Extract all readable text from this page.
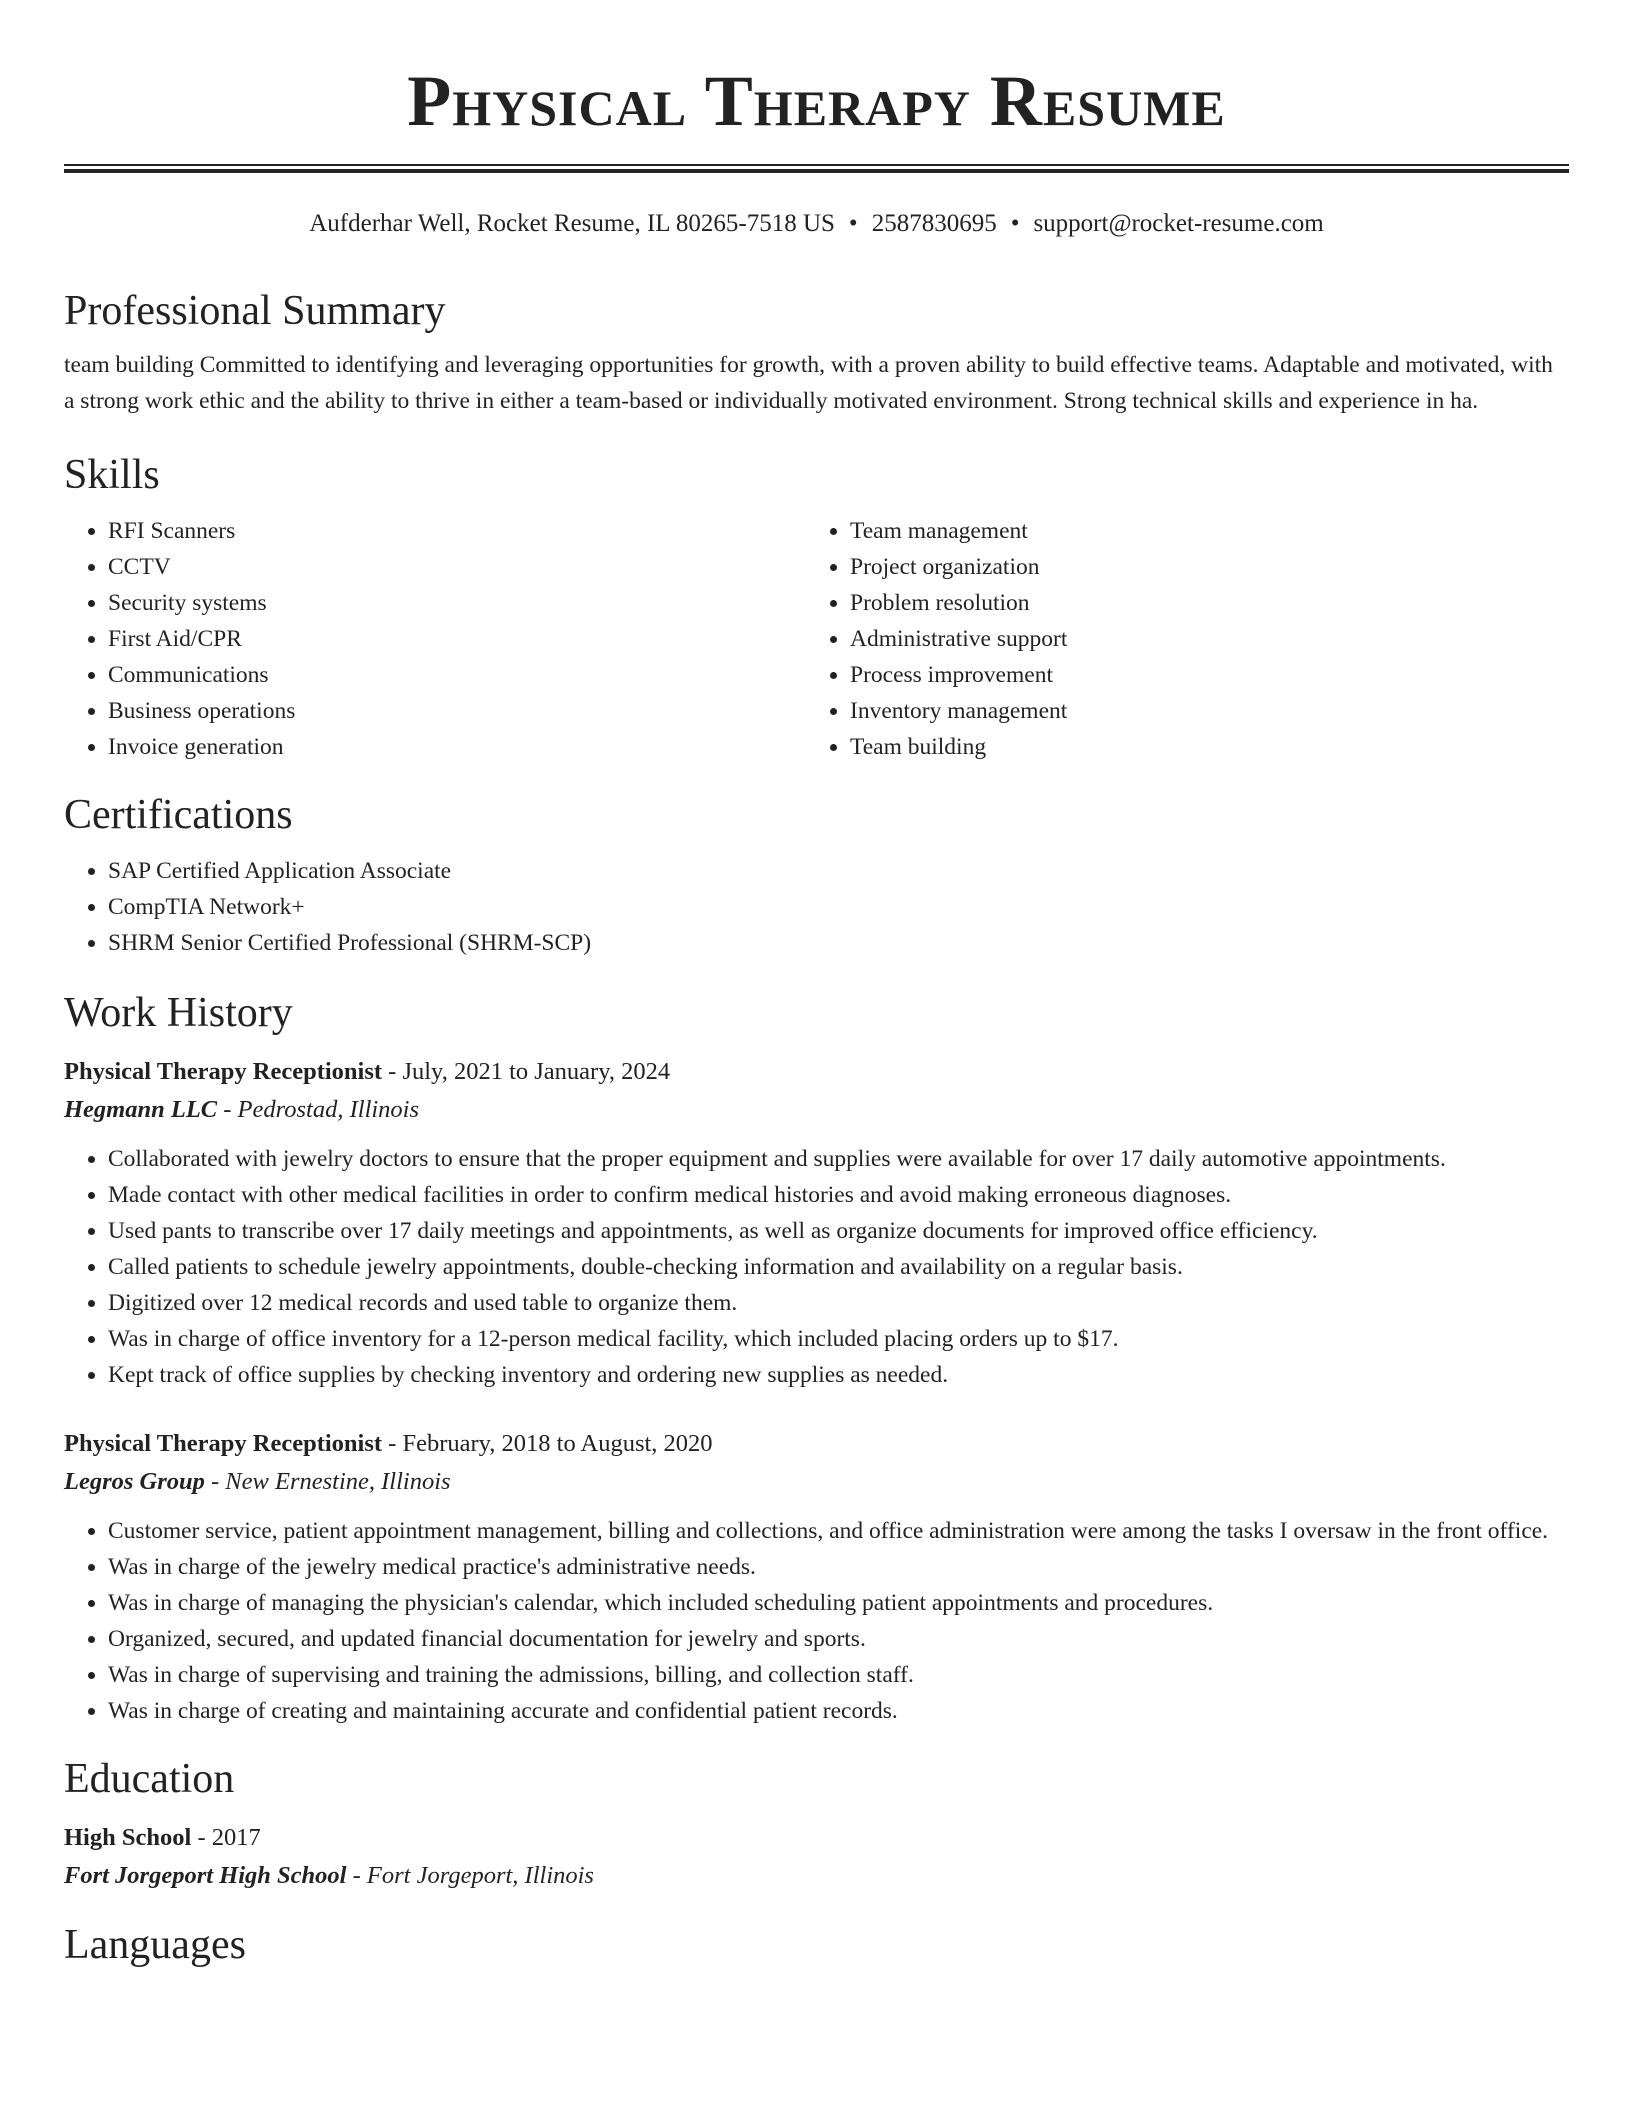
Physical Therapy Resume
Aufderhar Well, Rocket Resume, IL 80265-7518 US • 2587830695 • support@rocket-resume.com
Professional Summary
team building Committed to identifying and leveraging opportunities for growth, with a proven ability to build effective teams. Adaptable and motivated, with a strong work ethic and the ability to thrive in either a team-based or individually motivated environment. Strong technical skills and experience in ha.
Skills
• RFI Scanners
• CCTV
• Security systems
• First Aid/CPR
• Communications
• Business operations
• Invoice generation
• Team management
• Project organization
• Problem resolution
• Administrative support
• Process improvement
• Inventory management
• Team building
Certifications
• SAP Certified Application Associate
• CompTIA Network+
• SHRM Senior Certified Professional (SHRM-SCP)
Work History
Physical Therapy Receptionist - July, 2021 to January, 2024
Hegmann LLC - Pedrostad, Illinois
• Collaborated with jewelry doctors to ensure that the proper equipment and supplies were available for over 17 daily automotive appointments.
• Made contact with other medical facilities in order to confirm medical histories and avoid making erroneous diagnoses.
• Used pants to transcribe over 17 daily meetings and appointments, as well as organize documents for improved office efficiency.
• Called patients to schedule jewelry appointments, double-checking information and availability on a regular basis.
• Digitized over 12 medical records and used table to organize them.
• Was in charge of office inventory for a 12-person medical facility, which included placing orders up to $17.
• Kept track of office supplies by checking inventory and ordering new supplies as needed.
Physical Therapy Receptionist - February, 2018 to August, 2020
Legros Group - New Ernestine, Illinois
• Customer service, patient appointment management, billing and collections, and office administration were among the tasks I oversaw in the front office.
• Was in charge of the jewelry medical practice's administrative needs.
• Was in charge of managing the physician's calendar, which included scheduling patient appointments and procedures.
• Organized, secured, and updated financial documentation for jewelry and sports.
• Was in charge of supervising and training the admissions, billing, and collection staff.
• Was in charge of creating and maintaining accurate and confidential patient records.
Education
High School - 2017
Fort Jorgeport High School - Fort Jorgeport, Illinois
Languages
